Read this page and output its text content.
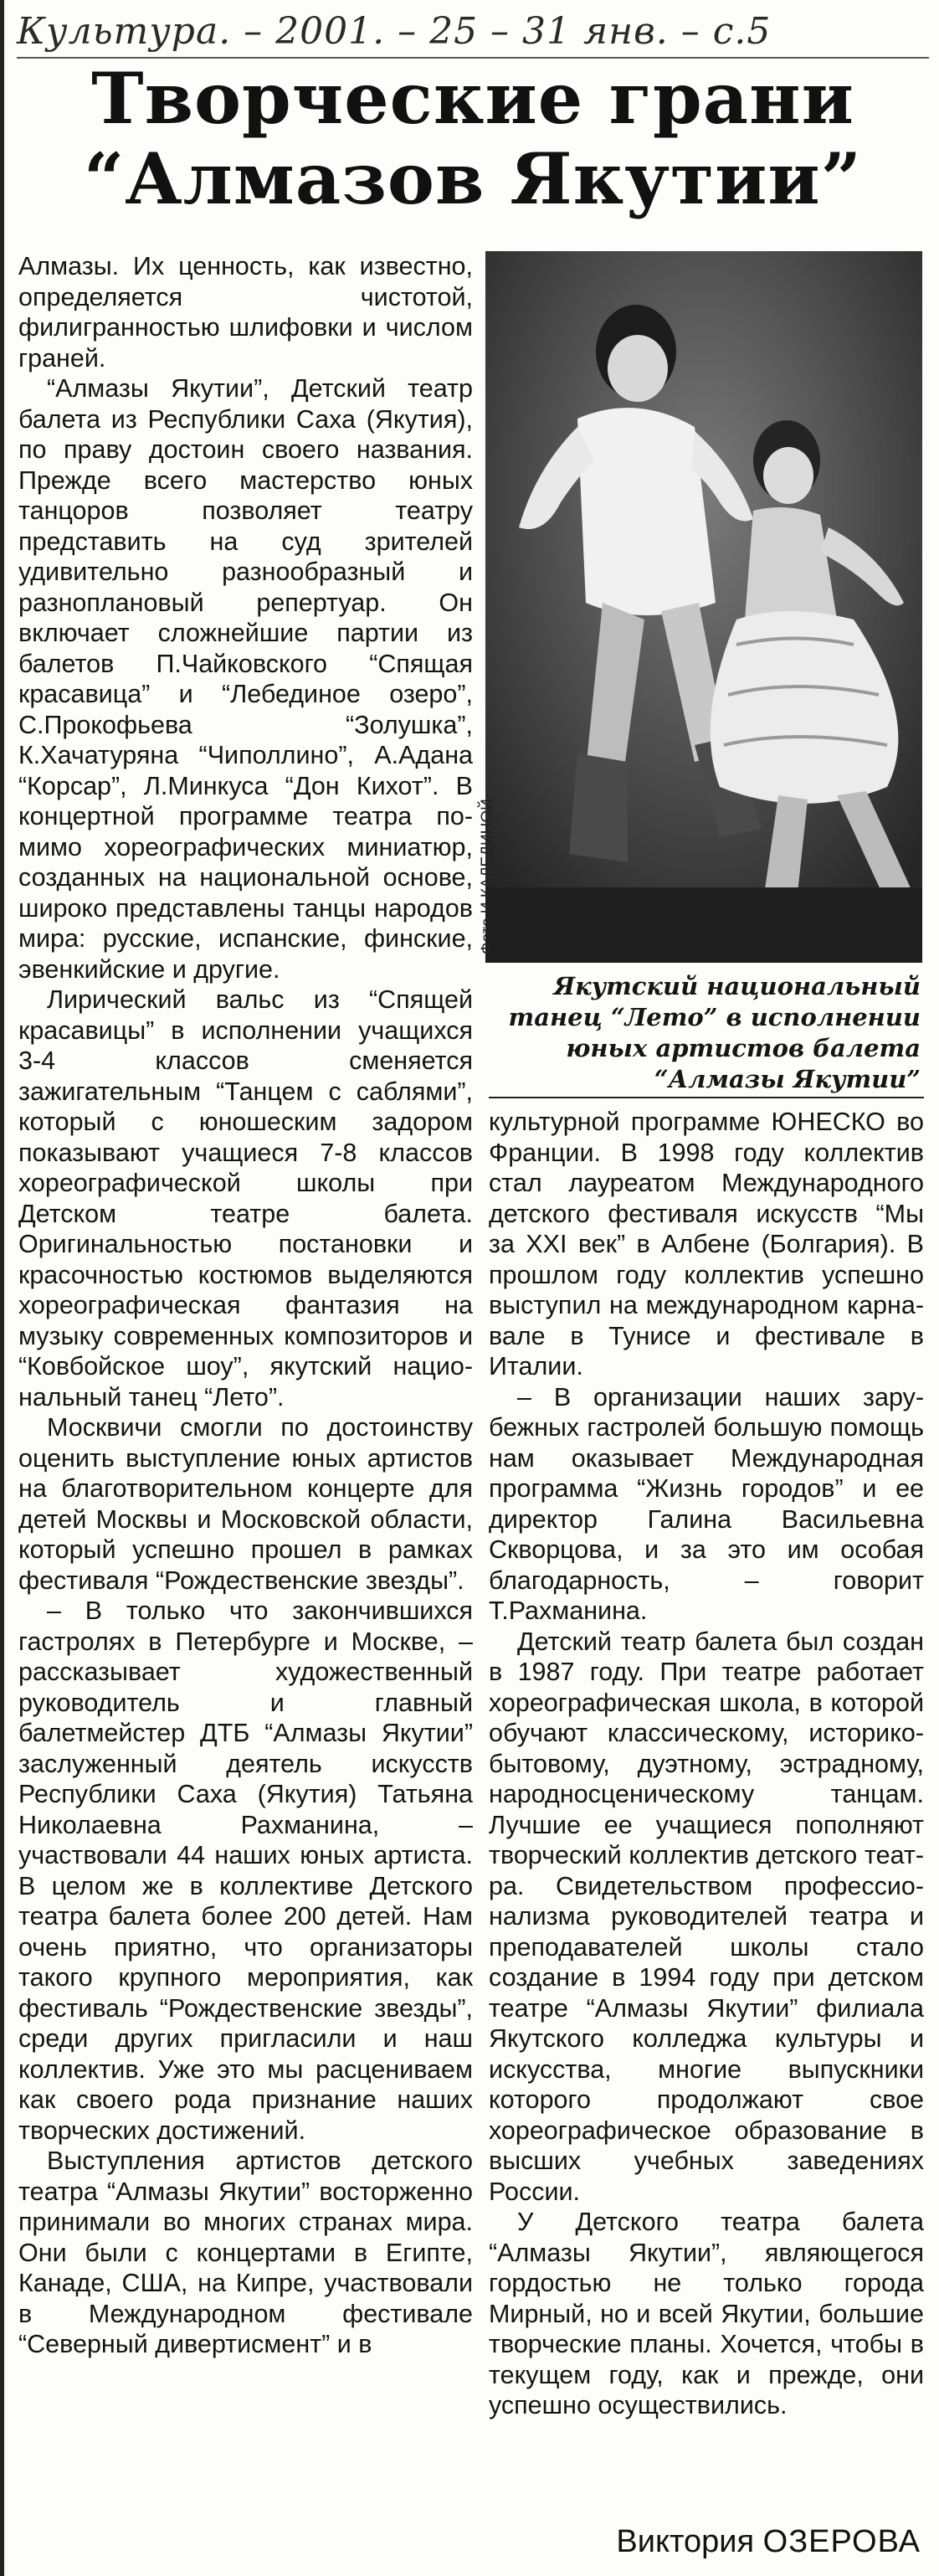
Культура. – 2001. – 25 – 31 янв. – с.5
Творческие грани
“Алмазов Якутии”

Алмазы. Их ценность, как известно, определяется чистотой, филигранностью шлифовки и числом граней.

“Алмазы Якутии”, Детский театр балета из Республики Саха (Якутия), по праву достоин своего названия. Прежде всего мастерство юных танцоров позволяет театру представить на суд зрителей удивительно разнообразный и разноплановый репертуар. Он включает сложнейшие партии из балетов П.Чайковского “Спящая красавица” и “Лебединое озеро”, С.Прокофьева “Золушка”, К.Хачатуряна “Чиполлино”, А.Адана “Корсар”, Л.Минкуса “Дон Кихот”. В концертной программе театра помимо хореографических миниатюр, созданных на национальной основе, широко представлены танцы народов мира: русские, испанские, финские, эвенкийские и другие.

Лирический вальс из “Спящей красавицы” в исполнении учащихся 3-4 классов сменяется зажигательным “Танцем с саблями”, который с юношеским задором показывают учащиеся 7-8 классов хореографической школы при Детском театре балета. Оригинальностью постановки и красочностью костюмов выделяются хореографическая фантазия на музыку современных композиторов и “Ковбойское шоу”, якутский национальный танец “Лето”.

Москвичи смогли по достоинству оценить выступление юных артистов на благотворительном концерте для детей Москвы и Московской области, который успешно прошел в рамках фестиваля “Рождественские звезды”.

– В только что закончившихся гастролях в Петербурге и Москве, – рассказывает художественный руководитель и главный балетмейстер ДТБ “Алмазы Якутии” заслуженный деятель искусств Республики Саха (Якутия) Татьяна Николаевна Рахманина, – участвовали 44 наших юных артиста. В целом же в коллективе Детского театра балета более 200 детей. Нам очень приятно, что организаторы такого крупного мероприятия, как фестиваль “Рождественские звезды”, среди других пригласили и наш коллектив. Уже это мы расцениваем как своего рода признание наших творческих достижений.

Выступления артистов детского театра “Алмазы Якутии” восторженно принимали во многих странах мира. Они были с концертами в Египте, Канаде, США, на Кипре, участвовали в Международном фестивале “Северный дивертисмент” и в

Фото И.КАЛЕДИНОЙ
Якутский национальный танец “Лето” в исполнении юных артистов балета “Алмазы Якутии”

культурной программе ЮНЕСКО во Франции. В 1998 году коллектив стал лауреатом Международного детского фестиваля искусств “Мы за XXI век” в Албене (Болгария). В прошлом году коллектив успешно выступил на международном карнавале в Тунисе и фестивале в Италии.

– В организации наших зарубежных гастролей большую помощь нам оказывает Международная программа “Жизнь городов” и ее директор Галина Васильевна Скворцова, и за это им особая благодарность, – говорит Т.Рахманина.

Детский театр балета был создан в 1987 году. При театре работает хореографическая школа, в которой обучают классическому, историко-бытовому, дуэтному, эстрадному, народносценическому танцам. Лучшие ее учащиеся пополняют творческий коллектив детского театра. Свидетельством профессионализма руководителей театра и преподавателей школы стало создание в 1994 году при детском театре “Алмазы Якутии” филиала Якутского колледжа культуры и искусства, многие выпускники которого продолжают свое хореографическое образование в высших учебных заведениях России.

У Детского театра балета “Алмазы Якутии”, являющегося гордостью не только города Мирный, но и всей Якутии, большие творческие планы. Хочется, чтобы в текущем году, как и прежде, они успешно осуществились.

Виктория ОЗЕРОВА
